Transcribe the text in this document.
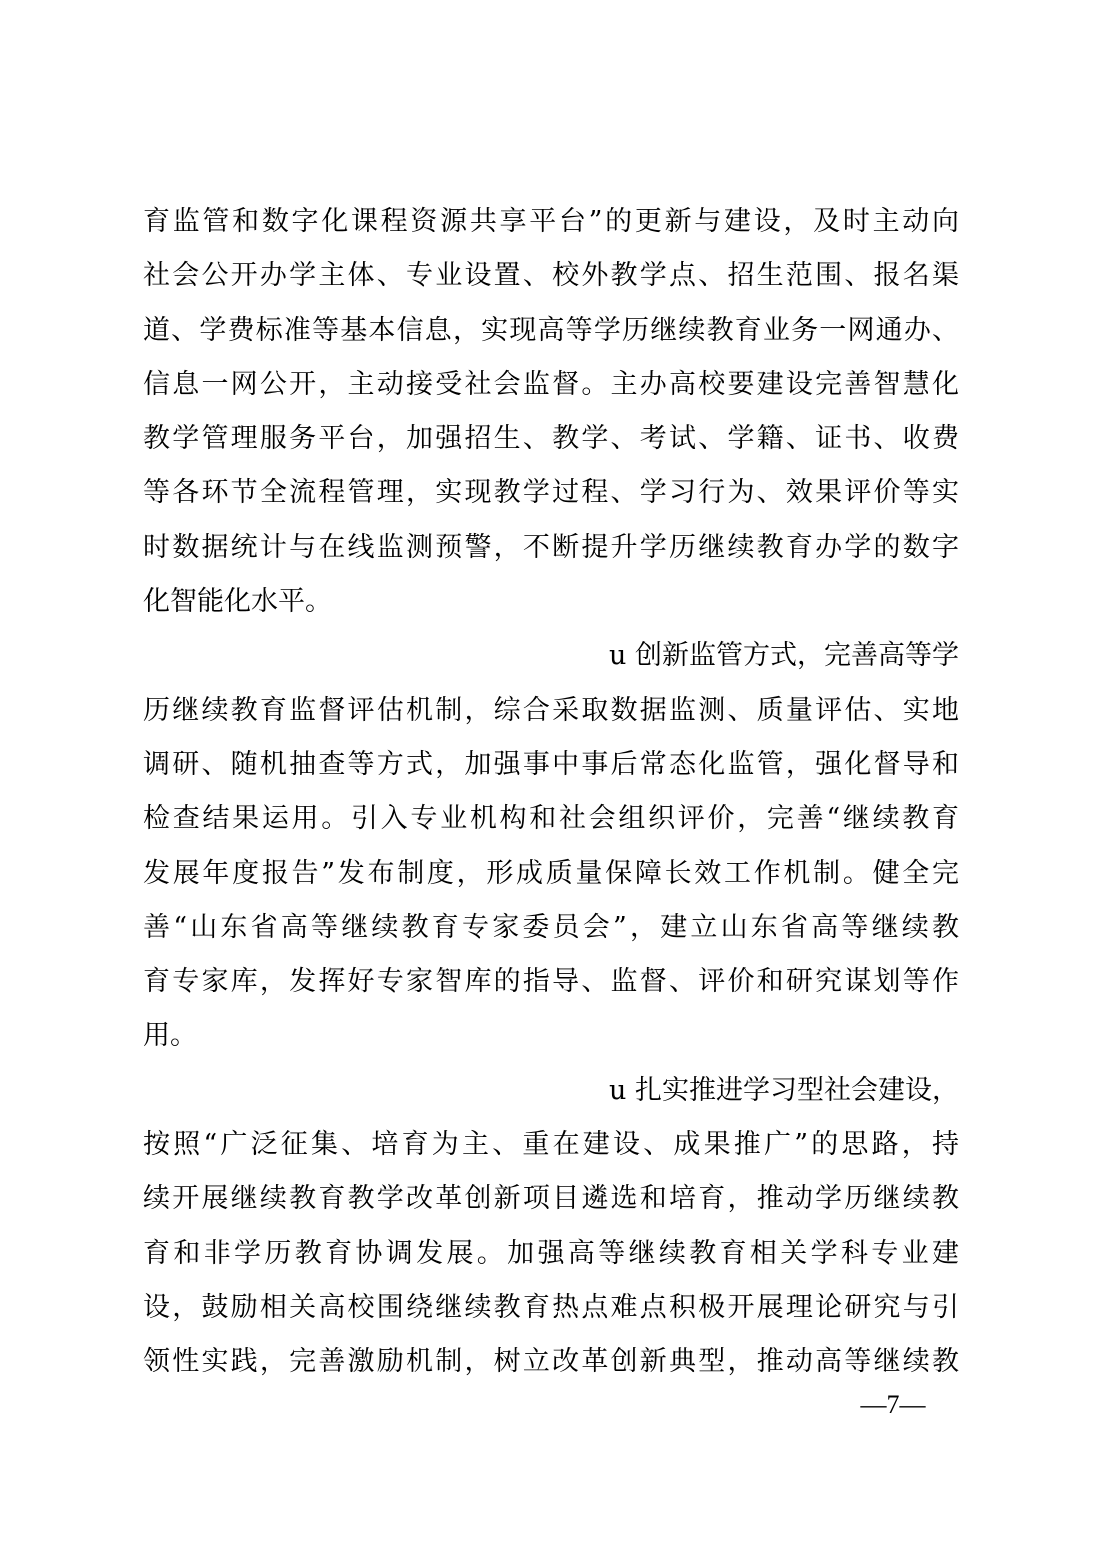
育监管和数字化课程资源共享平台”的更新与建设，及时主动向
社会公开办学主体、专业设置、校外教学点、招生范围、报名渠
道、学费标准等基本信息，实现高等学历继续教育业务一网通办、
信息一网公开，主动接受社会监督。主办高校要建设完善智慧化
教学管理服务平台，加强招生、教学、考试、学籍、证书、收费
等各环节全流程管理，实现教学过程、学习行为、效果评价等实
时数据统计与在线监测预警，不断提升学历继续教育办学的数字
化智能化水平。
u 创新监管方式，完善高等学
历继续教育监督评估机制，综合采取数据监测、质量评估、实地
调研、随机抽查等方式，加强事中事后常态化监管，强化督导和
检查结果运用。引入专业机构和社会组织评价，完善“继续教育
发展年度报告”发布制度，形成质量保障长效工作机制。健全完
善“山东省高等继续教育专家委员会”，建立山东省高等继续教
育专家库，发挥好专家智库的指导、监督、评价和研究谋划等作
用。
u 扎实推进学习型社会建设，
按照“广泛征集、培育为主、重在建设、成果推广”的思路，持
续开展继续教育教学改革创新项目遴选和培育，推动学历继续教
育和非学历教育协调发展。加强高等继续教育相关学科专业建
设，鼓励相关高校围绕继续教育热点难点积极开展理论研究与引
领性实践，完善激励机制，树立改革创新典型，推动高等继续教
—7—
